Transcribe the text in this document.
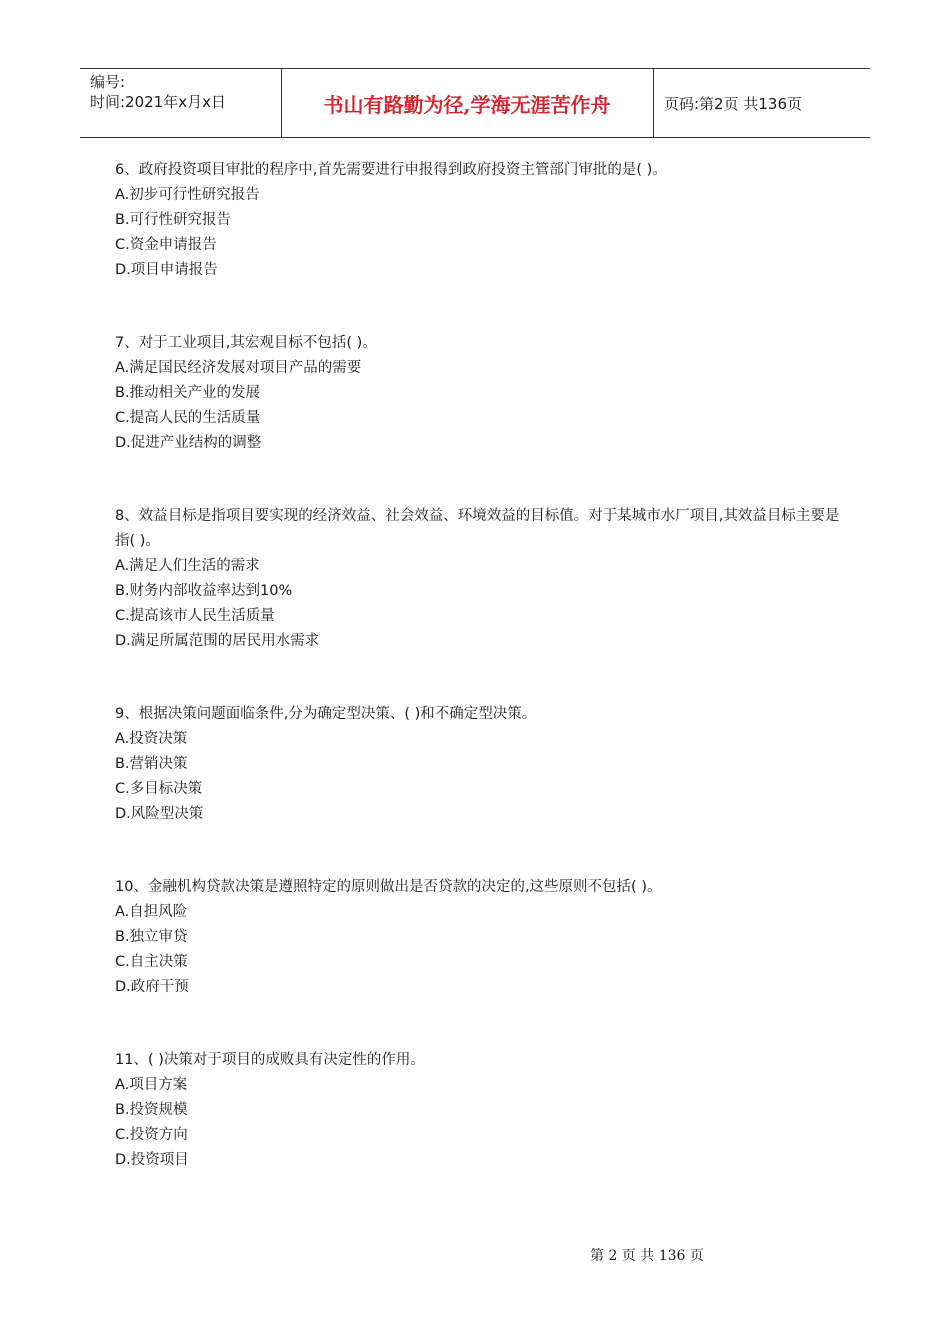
编号:
时间:2021年x月x日	书山有路勤为径,学海无涯苦作舟	页码:第2页 共136页

6、政府投资项目审批的程序中,首先需要进行申报得到政府投资主管部门审批的是( )。

A.初步可行性研究报告

B.可行性研究报告

C.资金申请报告

D.项目申请报告

7、对于工业项目,其宏观目标不包括( )。

A.满足国民经济发展对项目产品的需要

B.推动相关产业的发展

C.提高人民的生活质量

D.促进产业结构的调整

8、效益目标是指项目要实现的经济效益、社会效益、环境效益的目标值。对于某城市水厂项目,其效益目标主要是指( )。

A.满足人们生活的需求

B.财务内部收益率达到10%

C.提高该市人民生活质量

D.满足所属范围的居民用水需求

9、根据决策问题面临条件,分为确定型决策、( )和不确定型决策。

A.投资决策

B.营销决策

C.多目标决策

D.风险型决策

10、金融机构贷款决策是遵照特定的原则做出是否贷款的决定的,这些原则不包括( )。

A.自担风险

B.独立审贷

C.自主决策

D.政府干预

11、( )决策对于项目的成败具有决定性的作用。

A.项目方案

B.投资规模

C.投资方向

D.投资项目

第 2 页 共 136 页
